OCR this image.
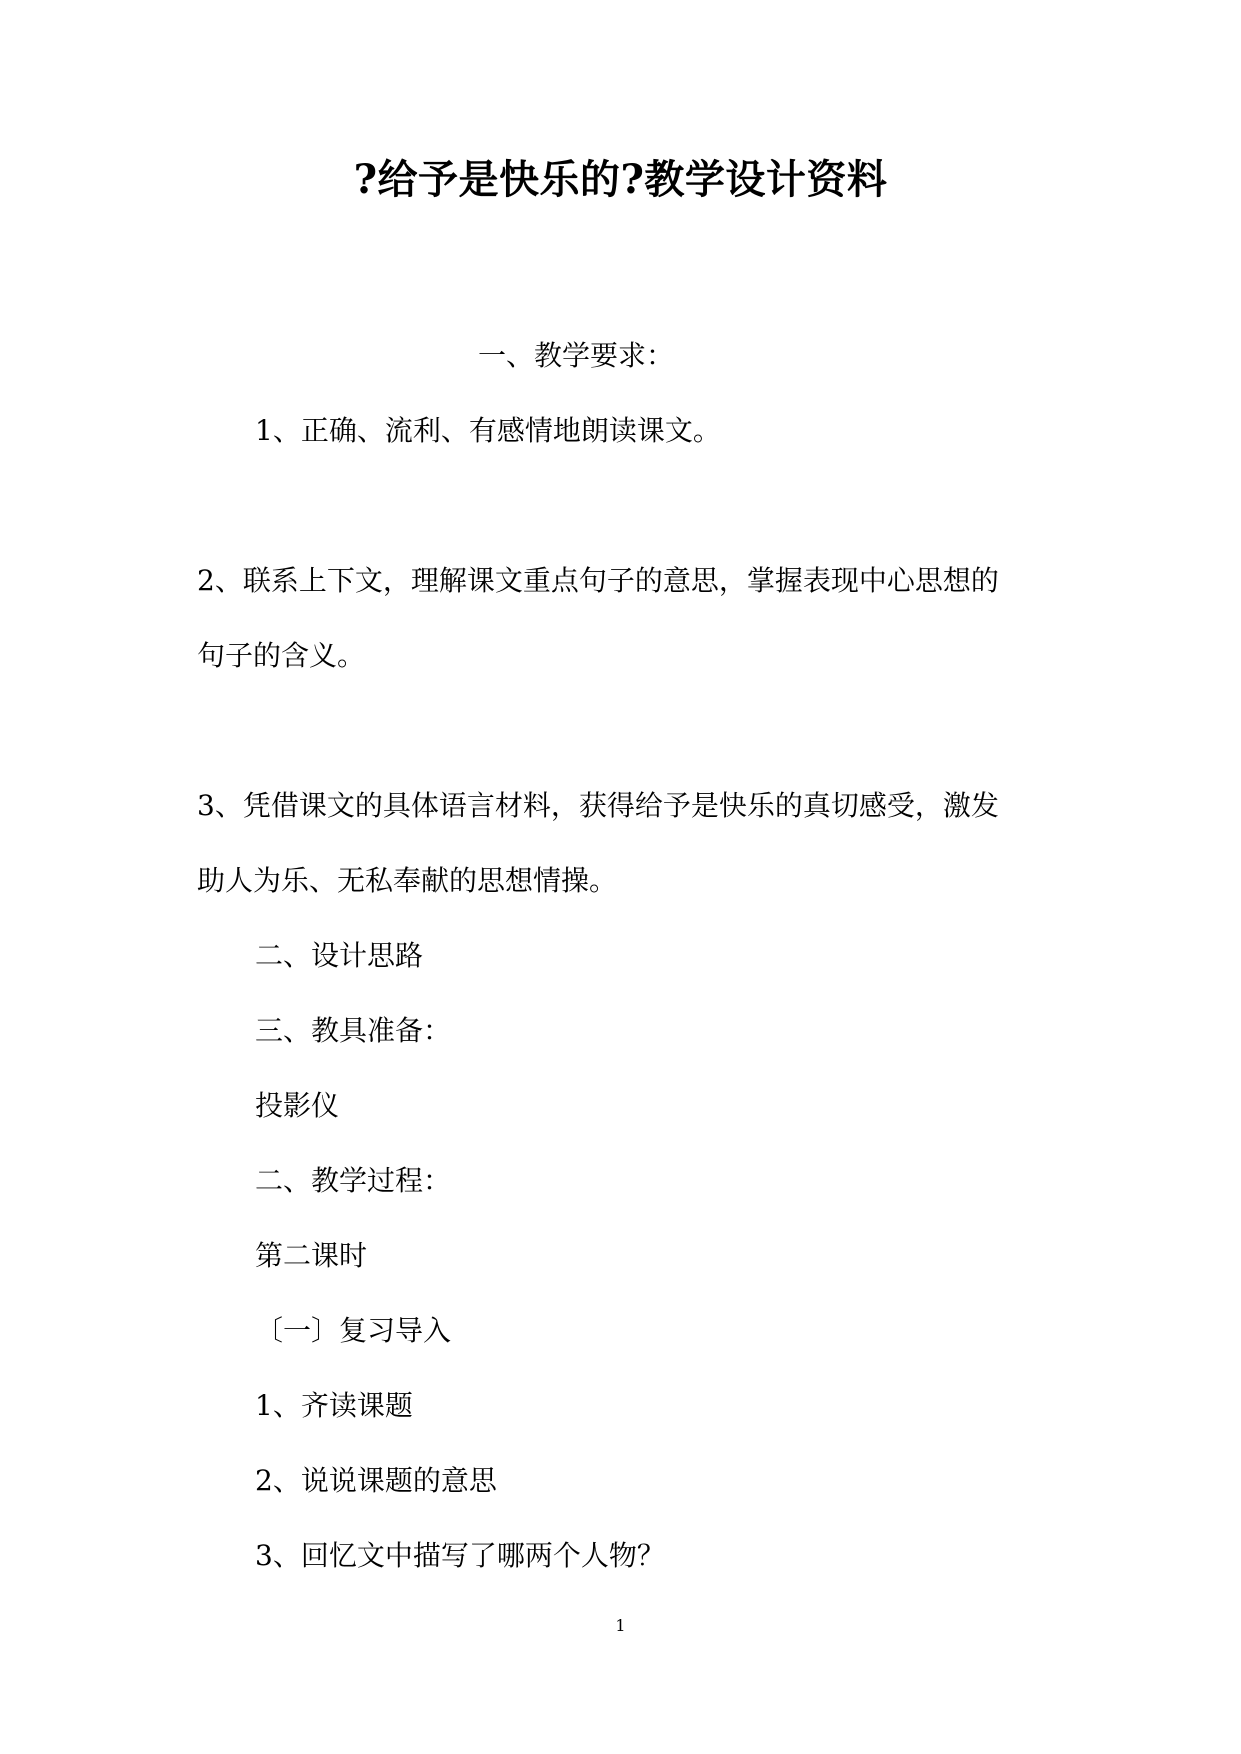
?给予是快乐的?教学设计资料
一、教学要求：
1、正确、流利、有感情地朗读课文。
2、联系上下文，理解课文重点句子的意思，掌握表现中心思想的
句子的含义。
3、凭借课文的具体语言材料，获得给予是快乐的真切感受，激发
助人为乐、无私奉献的思想情操。
二、设计思路
三、教具准备：
投影仪
二、教学过程：
第二课时
〔一〕复习导入
1、齐读课题
2、说说课题的意思
3、回忆文中描写了哪两个人物？
1
